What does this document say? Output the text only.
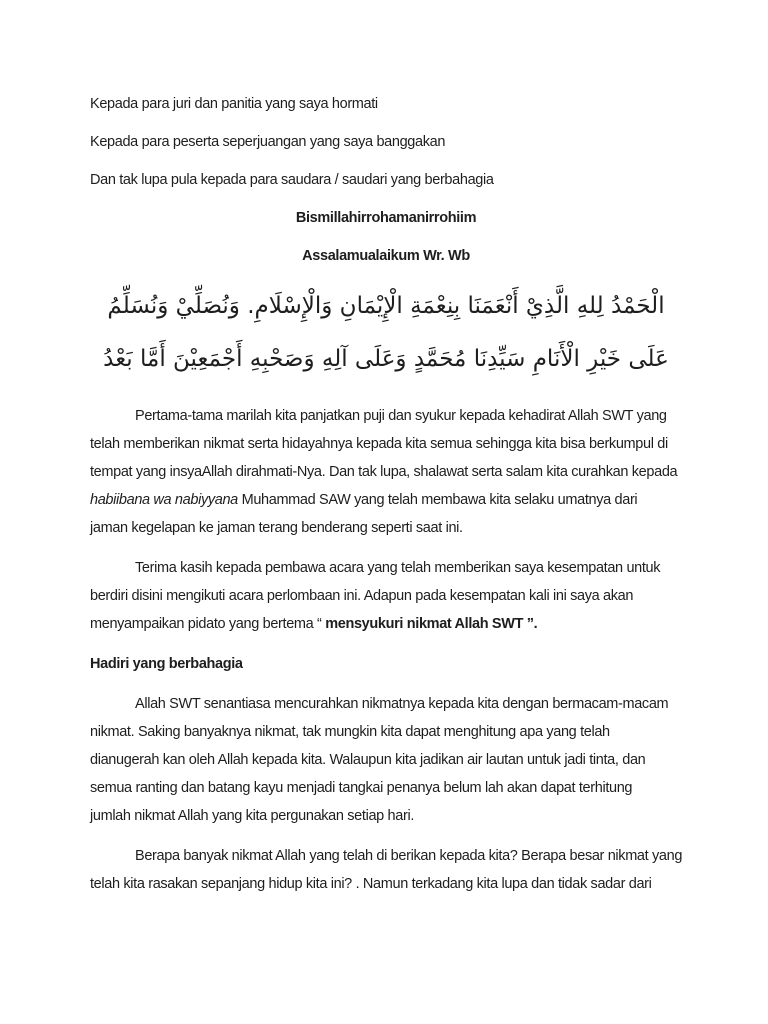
Kepada para juri dan panitia yang saya hormati

Kepada para peserta seperjuangan yang saya banggakan

Dan tak lupa pula kepada para saudara / saudari yang berbahagia

Bismillahirrohamanirrohiim

Assalamualaikum Wr. Wb

الْحَمْدُ لِلهِ الَّذِيْ أَنْعَمَنَا بِنِعْمَةِ الْإِيْمَانِ وَالْإِسْلَامِ. وَنُصَلِّيْ وَنُسَلِّمُ
عَلَى خَيْرِ الْأَنَامِ سَيِّدِنَا مُحَمَّدٍ وَعَلَى آلِهِ وَصَحْبِهِ أَجْمَعِيْنَ أَمَّا بَعْدُ
Pertama-tama marilah kita panjatkan puji dan syukur kepada kehadirat Allah SWT yang
telah memberikan nikmat serta hidayahnya kepada kita semua sehingga kita bisa berkumpul di
tempat yang insyaAllah dirahmati-Nya. Dan tak lupa, shalawat serta salam kita curahkan kepada
habiibana wa nabiyyana Muhammad SAW yang telah membawa kita selaku umatnya dari
jaman kegelapan ke jaman terang benderang seperti saat ini.
Terima kasih kepada pembawa acara yang telah memberikan saya kesempatan untuk
berdiri disini mengikuti acara perlombaan ini. Adapun pada kesempatan kali ini saya akan
menyampaikan pidato yang bertema “ mensyukuri nikmat Allah SWT ”.
Hadiri yang berbahagia
Allah SWT senantiasa mencurahkan nikmatnya kepada kita dengan bermacam-macam
nikmat. Saking banyaknya nikmat, tak mungkin kita dapat menghitung apa yang telah
dianugerah kan oleh Allah kepada kita. Walaupun kita jadikan air lautan untuk jadi tinta, dan
semua ranting dan batang kayu menjadi tangkai penanya belum lah akan dapat terhitung
jumlah nikmat Allah yang kita pergunakan setiap hari.
Berapa banyak nikmat Allah yang telah di berikan kepada kita? Berapa besar nikmat yang
telah kita rasakan sepanjang hidup kita ini? . Namun terkadang kita lupa dan tidak sadar dari
